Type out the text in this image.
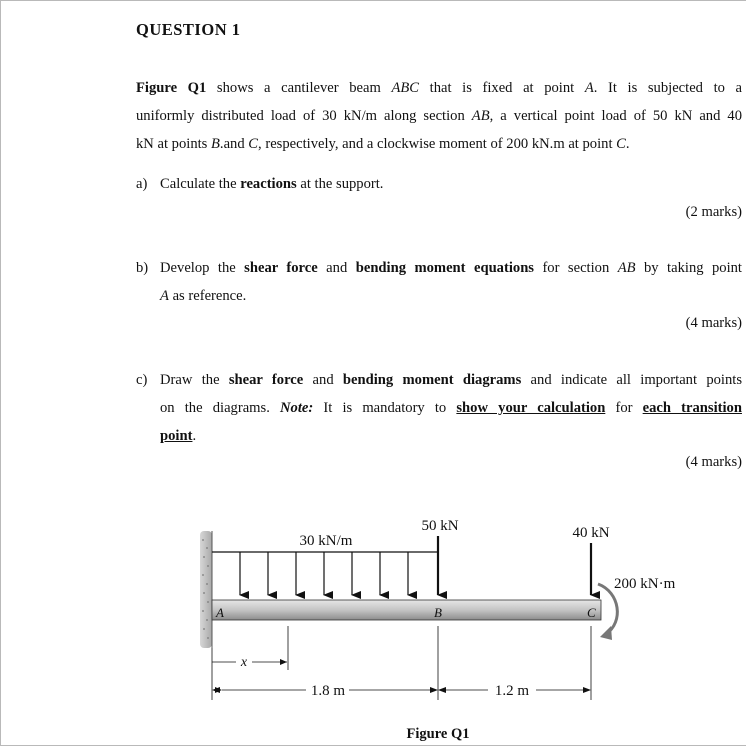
QUESTION 1
Figure Q1 shows a cantilever beam ABC that is fixed at point A. It is subjected to a
uniformly distributed load of 30 kN/m along section AB, a vertical point load of 50 kN and 40
kN at points B.and C, respectively, and a clockwise moment of 200 kN.m at point C.
a) Calculate the reactions at the support.
(2 marks)
b) Develop the shear force and bending moment equations for section AB by taking point
A as reference.
(4 marks)
c) Draw the shear force and bending moment diagrams and indicate all important points
on the diagrams. Note: It is mandatory to show your calculation for each transition
point.
(4 marks)
30 kN/m
50 kN	40 kN
200 kN·m
A	B	C
x
1.8 m	1.2 m
Figure Q1
